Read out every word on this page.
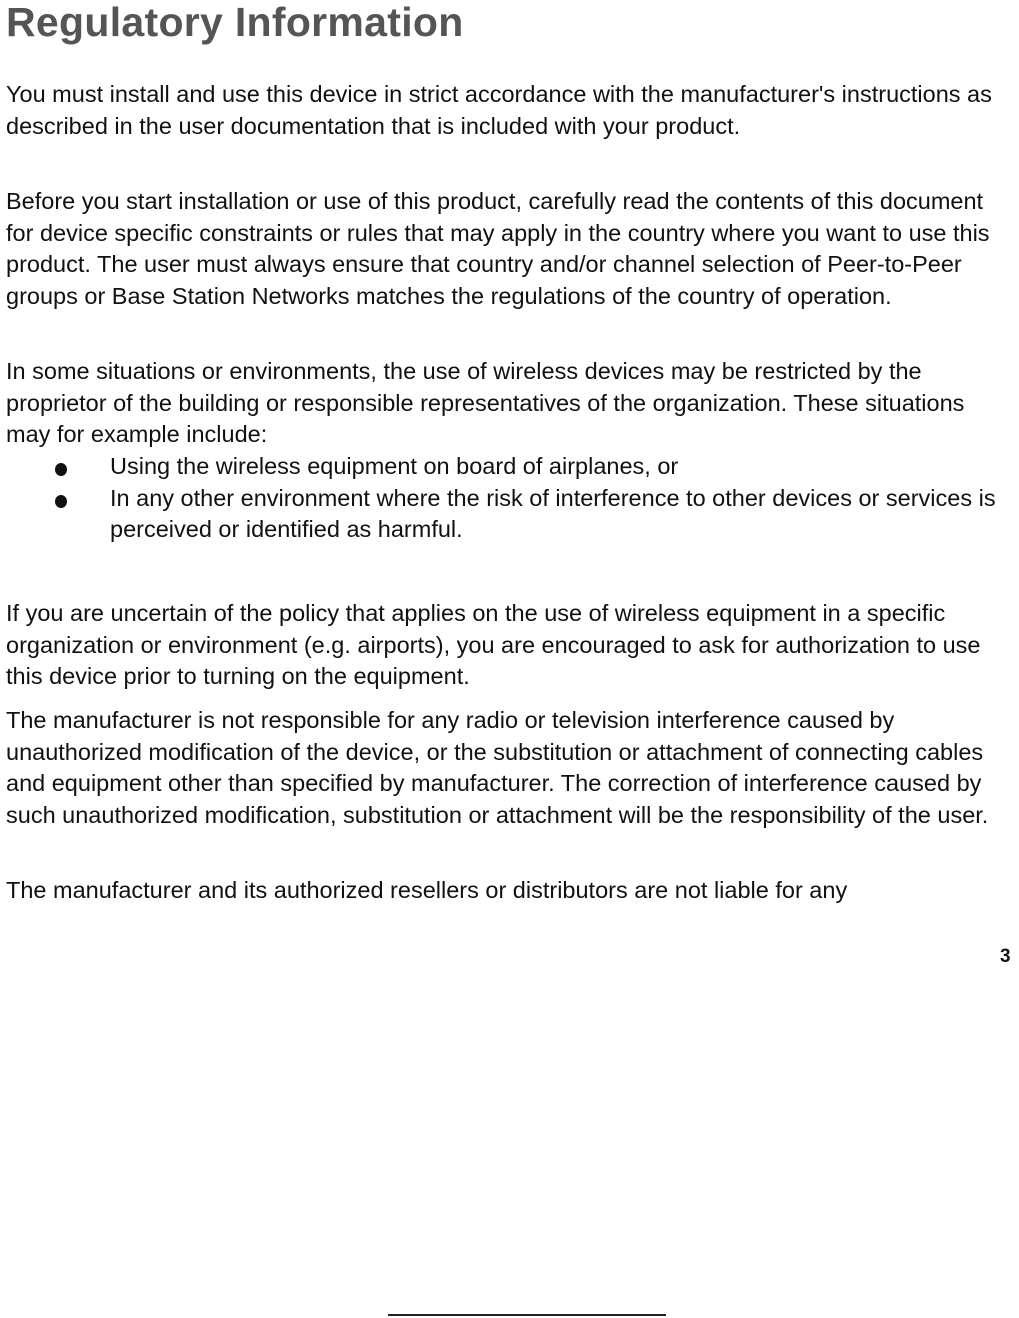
Regulatory Information

You must install and use this device in strict accordance with the manufacturer's instructions as described in the user documentation that is included with your product.

Before you start installation or use of this product, carefully read the contents of this document for device specific constraints or rules that may apply in the country where you want to use this product. The user must always ensure that country and/or channel selection of Peer-to-Peer groups or Base Station Networks matches the regulations of the country of operation.

In some situations or environments, the use of wireless devices may be restricted by the proprietor of the building or responsible representatives of the organization. These situations may for example include:

Using the wireless equipment on board of airplanes, or
In any other environment where the risk of interference to other devices or services is perceived or identified as harmful.

If you are uncertain of the policy that applies on the use of wireless equipment in a specific organization or environment (e.g. airports), you are encouraged to ask for authorization to use this device prior to turning on the equipment.

The manufacturer is not responsible for any radio or television interference caused by unauthorized modification of the device, or the substitution or attachment of connecting cables and equipment other than specified by manufacturer. The correction of interference caused by such unauthorized modification, substitution or attachment will be the responsibility of the user.

The manufacturer and its authorized resellers or distributors are not liable for any

3
